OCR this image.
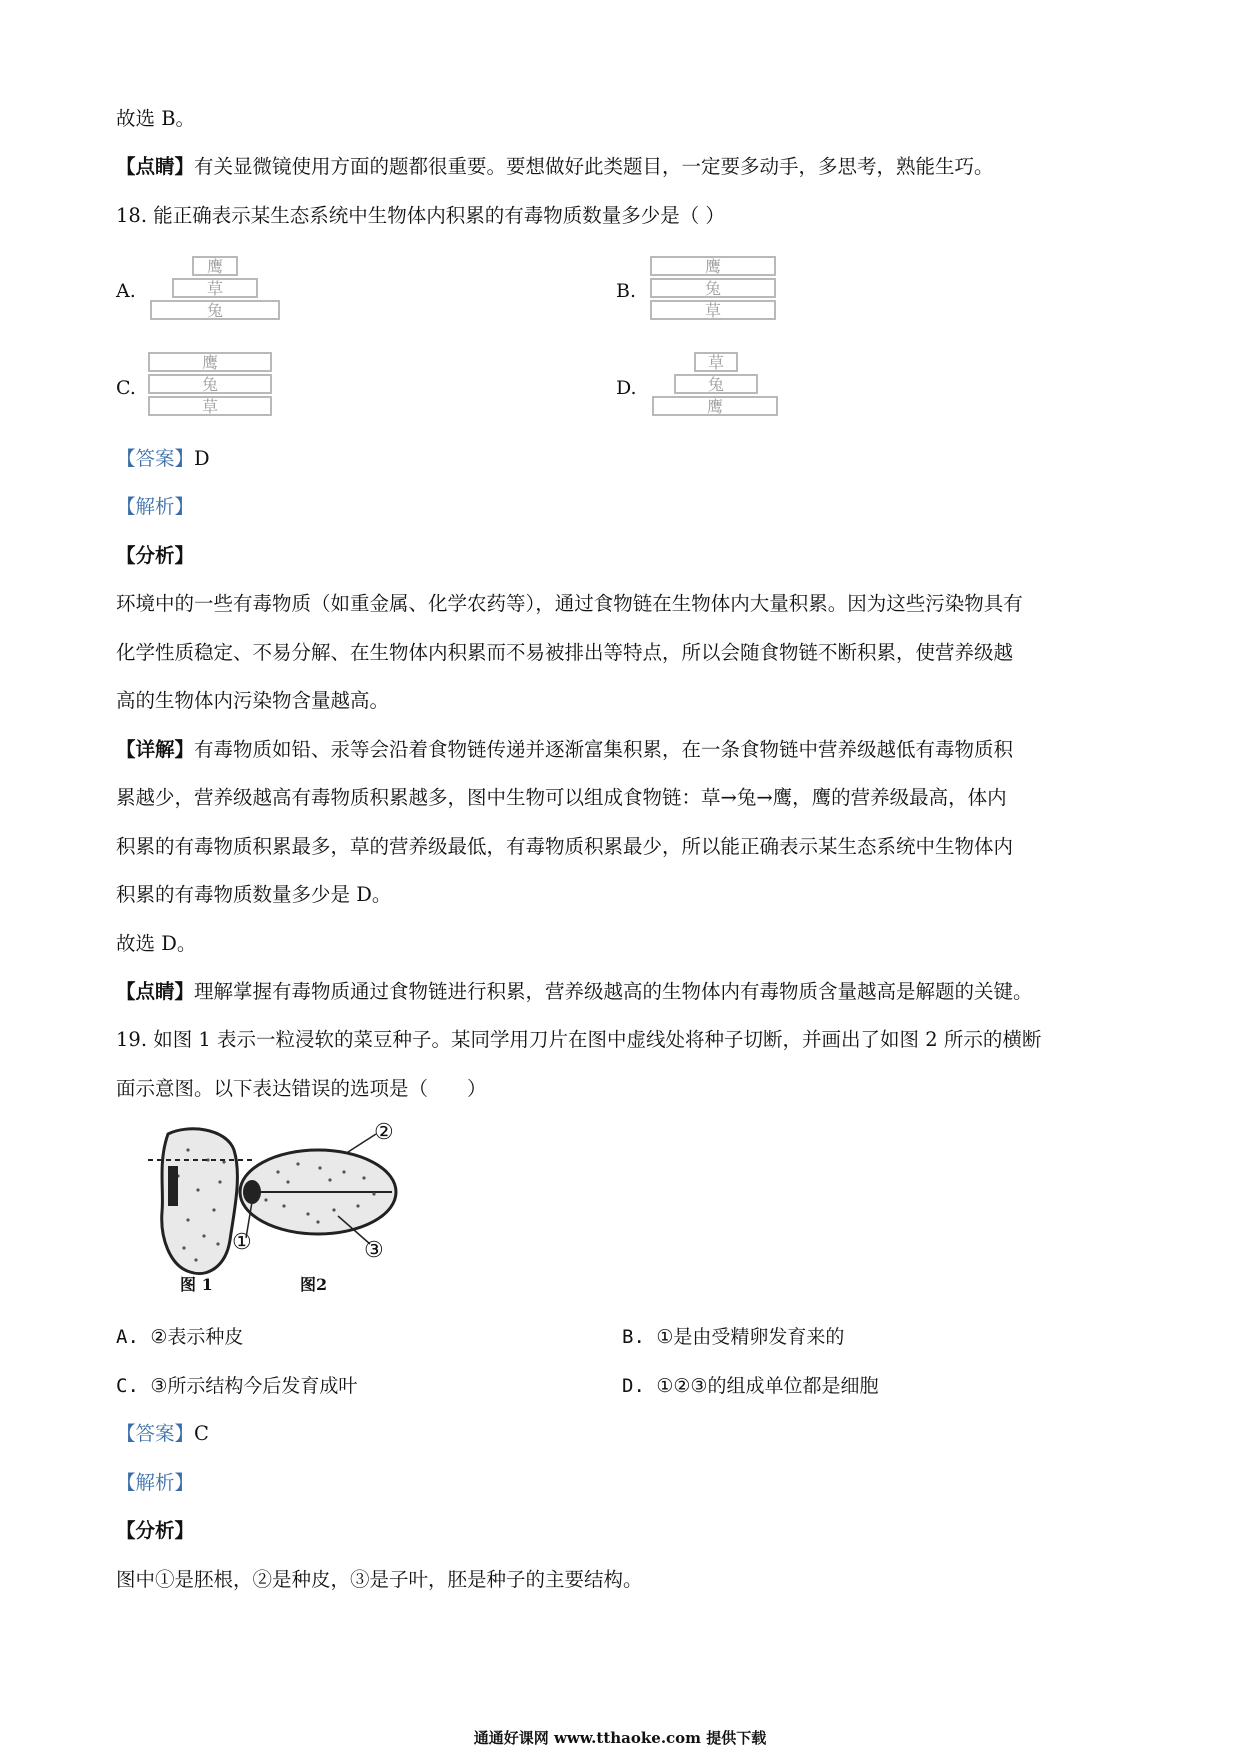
故选 B。
【点睛】有关显微镜使用方面的题都很重要。要想做好此类题目，一定要多动手，多思考，熟能生巧。
18. 能正确表示某生态系统中生物体内积累的有毒物质数量多少是（ ）
A.
鹰
草
兔
B.
鹰
兔
草
C.
鹰
兔
草
D.
草
兔
鹰
【答案】D
【解析】
【分析】
环境中的一些有毒物质（如重金属、化学农药等），通过食物链在生物体内大量积累。因为这些污染物具有
化学性质稳定、不易分解、在生物体内积累而不易被排出等特点，所以会随食物链不断积累，使营养级越
高的生物体内污染物含量越高。
【详解】有毒物质如铅、汞等会沿着食物链传递并逐渐富集积累，在一条食物链中营养级越低有毒物质积
累越少，营养级越高有毒物质积累越多，图中生物可以组成食物链：草→兔→鹰，鹰的营养级最高，体内
积累的有毒物质积累最多，草的营养级最低，有毒物质积累最少，所以能正确表示某生态系统中生物体内
积累的有毒物质数量多少是 D。
故选 D。
【点睛】理解掌握有毒物质通过食物链进行积累，营养级越高的生物体内有毒物质含量越高是解题的关键。
19. 如图 1 表示一粒浸软的菜豆种子。某同学用刀片在图中虚线处将种子切断，并画出了如图 2 所示的横断
面示意图。以下表达错误的选项是（　　）
②
①	③
图 1	图2
A. ②表示种皮	B. ①是由受精卵发育来的
C. ③所示结构今后发育成叶	D. ①②③的组成单位都是细胞
【答案】C
【解析】
【分析】
图中①是胚根，②是种皮，③是子叶，胚是种子的主要结构。
通通好课网 www.tthaoke.com 提供下载
